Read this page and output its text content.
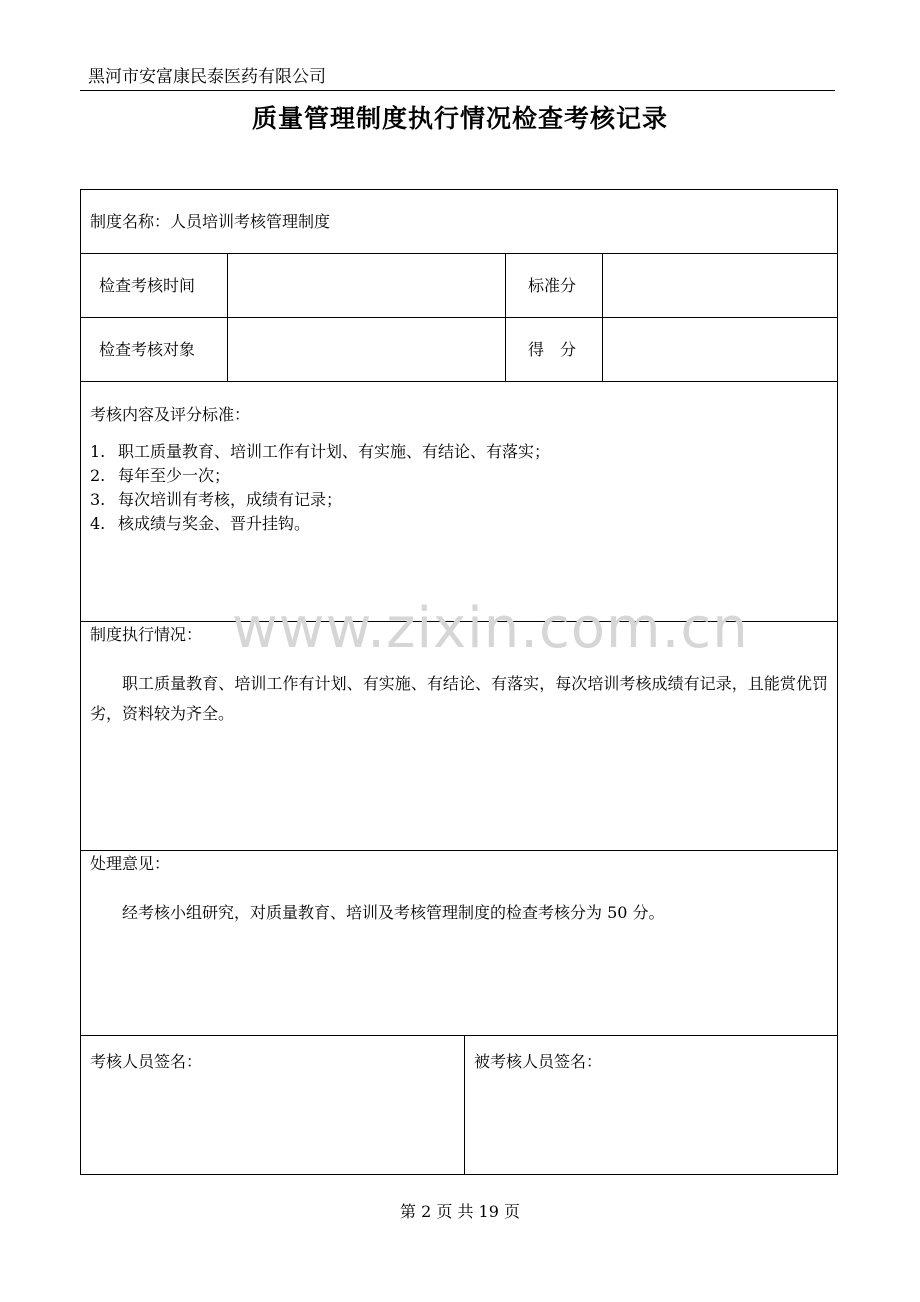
黑河市安富康民泰医药有限公司
质量管理制度执行情况检查考核记录
制度名称：人员培训考核管理制度
检查考核时间	标准分
检查考核对象	得　分
考核内容及评分标准：
1. 职工质量教育、培训工作有计划、有实施、有结论、有落实；
2. 每年至少一次；
3. 每次培训有考核，成绩有记录；
4. 核成绩与奖金、晋升挂钩。
制度执行情况：
职工质量教育、培训工作有计划、有实施、有结论、有落实，每次培训考核成绩有记录，且能赏优罚劣，资料较为齐全。
处理意见：
经考核小组研究，对质量教育、培训及考核管理制度的检查考核分为 50 分。
考核人员签名：	被考核人员签名：
www.zixin.com.cn
第 2 页 共 19 页
